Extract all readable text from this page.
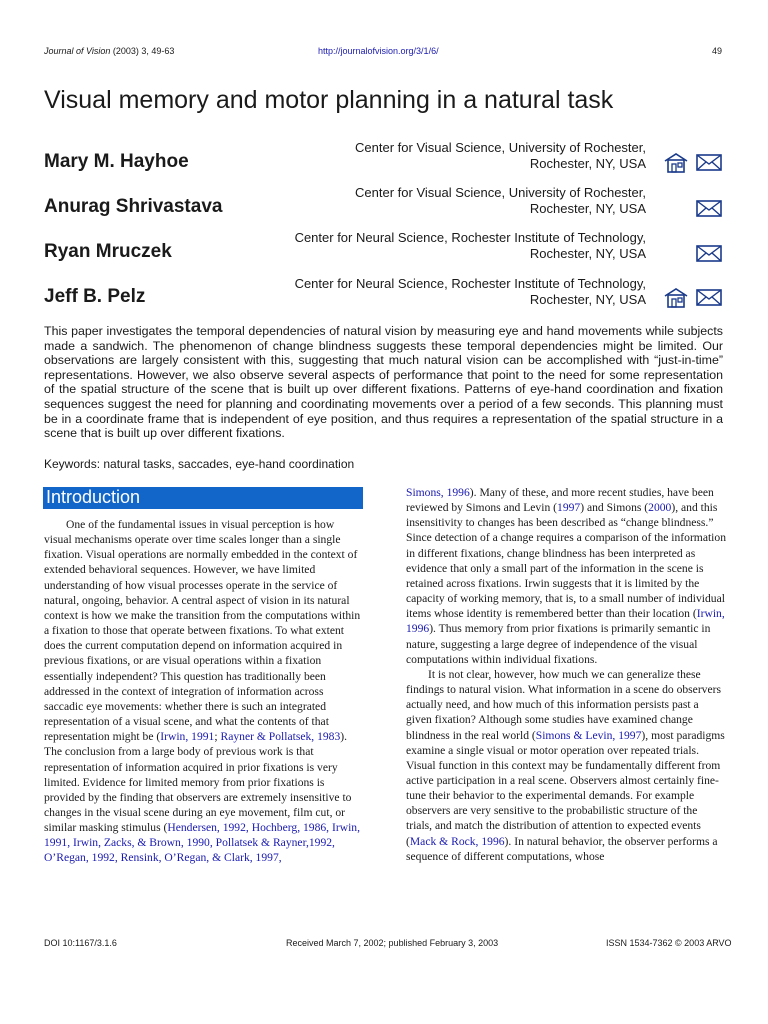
Journal of Vision (2003) 3, 49-63	http://journalofvision.org/3/1/6/	49
Visual memory and motor planning in a natural task
Mary M. Hayhoe
Center for Visual Science, University of Rochester,
Rochester, NY, USA
Anurag Shrivastava
Center for Visual Science, University of Rochester,
Rochester, NY, USA
Ryan Mruczek
Center for Neural Science, Rochester Institute of Technology,
Rochester, NY, USA
Jeff B. Pelz
Center for Neural Science, Rochester Institute of Technology,
Rochester, NY, USA
This paper investigates the temporal dependencies of natural vision by measuring eye and hand movements while subjects made a sandwich. The phenomenon of change blindness suggests these temporal dependencies might be limited. Our observations are largely consistent with this, suggesting that much natural vision can be accomplished with “just-in-time” representations. However, we also observe several aspects of performance that point to the need for some representation of the spatial structure of the scene that is built up over different fixations. Patterns of eye-hand coordination and fixation sequences suggest the need for planning and coordinating movements over a period of a few seconds. This planning must be in a coordinate frame that is independent of eye position, and thus requires a representation of the spatial structure in a scene that is built up over different fixations.
Keywords: natural tasks, saccades, eye-hand coordination
Introduction

One of the fundamental issues in visual perception is how visual mechanisms operate over time scales longer than a single fixation. Visual operations are normally embedded in the context of extended behavioral sequences. However, we have limited understanding of how visual processes operate in the service of natural, ongoing, behavior. A central aspect of vision in its natural context is how we make the transition from the computations within a fixation to those that operate between fixations. To what extent does the current computation depend on information acquired in previous fixations, or are visual operations within a fixation essentially independent? This question has traditionally been addressed in the context of integration of information across saccadic eye movements: whether there is such an integrated representation of a visual scene, and what the contents of that representation might be (Irwin, 1991; Rayner & Pollatsek, 1983). The conclusion from a large body of previous work is that representation of information acquired in prior fixations is very limited. Evidence for limited memory from prior fixations is provided by the finding that observers are extremely insensitive to changes in the visual scene during an eye movement, film cut, or similar masking stimulus (Hendersen, 1992, Hochberg, 1986, Irwin, 1991, Irwin, Zacks, & Brown, 1990, Pollatsek & Rayner,1992, O’Regan, 1992, Rensink, O’Regan, & Clark, 1997,

Simons, 1996). Many of these, and more recent studies, have been reviewed by Simons and Levin (1997) and Simons (2000), and this insensitivity to changes has been described as “change blindness.” Since detection of a change requires a comparison of the information in different fixations, change blindness has been interpreted as evidence that only a small part of the information in the scene is retained across fixations. Irwin suggests that it is limited by the capacity of working memory, that is, to a small number of individual items whose identity is remembered better than their location (Irwin, 1996). Thus memory from prior fixations is primarily semantic in nature, suggesting a large degree of independence of the visual computations within individual fixations.

It is not clear, however, how much we can generalize these findings to natural vision. What information in a scene do observers actually need, and how much of this information persists past a given fixation? Although some studies have examined change blindness in the real world (Simons & Levin, 1997), most paradigms examine a single visual or motor operation over repeated trials. Visual function in this context may be fundamentally different from active participation in a real scene. Observers almost certainly fine-tune their behavior to the experimental demands. For example observers are very sensitive to the probabilistic structure of the trials, and match the distribution of attention to expected events (Mack & Rock, 1996). In natural behavior, the observer performs a sequence of different computations, whose

DOI 10:1167/3.1.6	Received March 7, 2002; published February 3, 2003	ISSN 1534-7362 © 2003 ARVO
